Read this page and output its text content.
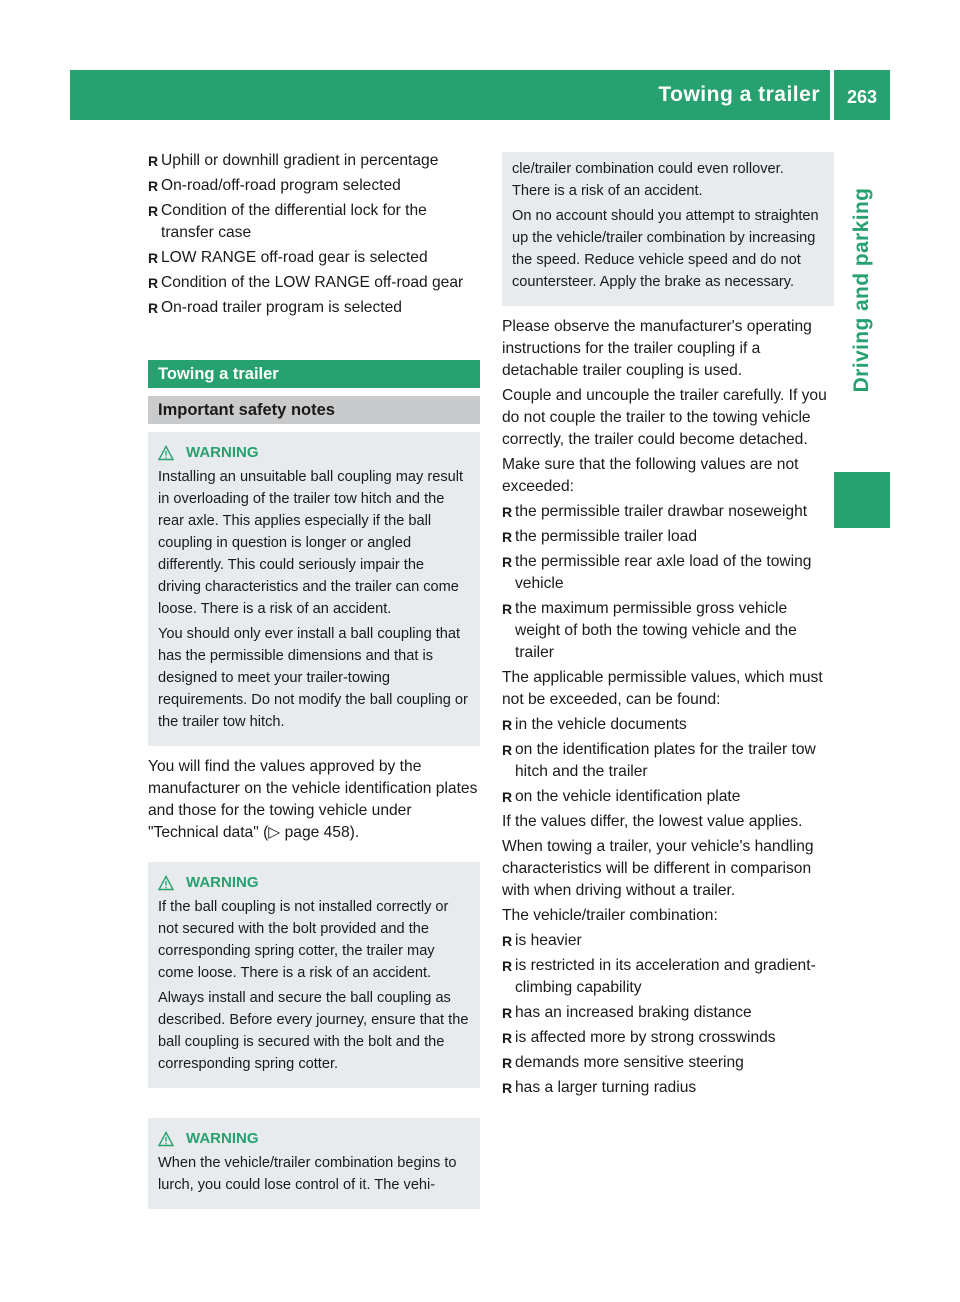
Towing a trailer	263
Driving and parking
R Uphill or downhill gradient in percentage
R On-road/off-road program selected
R Condition of the differential lock for the transfer case
R LOW RANGE off-road gear is selected
R Condition of the LOW RANGE off-road gear
R On-road trailer program is selected
Towing a trailer
Important safety notes
WARNING

Installing an unsuitable ball coupling may result in overloading of the trailer tow hitch and the rear axle. This applies especially if the ball coupling in question is longer or angled differently. This could seriously impair the driving characteristics and the trailer can come loose. There is a risk of an accident.

You should only ever install a ball coupling that has the permissible dimensions and that is designed to meet your trailer-towing requirements. Do not modify the ball coupling or the trailer tow hitch.

You will find the values approved by the manufacturer on the vehicle identification plates and those for the towing vehicle under "Technical data" (▷ page 458).

WARNING

If the ball coupling is not installed correctly or not secured with the bolt provided and the corresponding spring cotter, the trailer may come loose. There is a risk of an accident.

Always install and secure the ball coupling as described. Before every journey, ensure that the ball coupling is secured with the bolt and the corresponding spring cotter.

WARNING

When the vehicle/trailer combination begins to lurch, you could lose control of it. The vehi-

cle/trailer combination could even rollover. There is a risk of an accident.

On no account should you attempt to straighten up the vehicle/trailer combination by increasing the speed. Reduce vehicle speed and do not countersteer. Apply the brake as necessary.

Please observe the manufacturer's operating instructions for the trailer coupling if a detachable trailer coupling is used.

Couple and uncouple the trailer carefully. If you do not couple the trailer to the towing vehicle correctly, the trailer could become detached.

Make sure that the following values are not exceeded:

R the permissible trailer drawbar noseweight
R the permissible trailer load
R the permissible rear axle load of the towing vehicle
R the maximum permissible gross vehicle weight of both the towing vehicle and the trailer

The applicable permissible values, which must not be exceeded, can be found:

R in the vehicle documents
R on the identification plates for the trailer tow hitch and the trailer
R on the vehicle identification plate

If the values differ, the lowest value applies.

When towing a trailer, your vehicle's handling characteristics will be different in comparison with when driving without a trailer.

The vehicle/trailer combination:

R is heavier
R is restricted in its acceleration and gradient-climbing capability
R has an increased braking distance
R is affected more by strong crosswinds
R demands more sensitive steering
R has a larger turning radius
